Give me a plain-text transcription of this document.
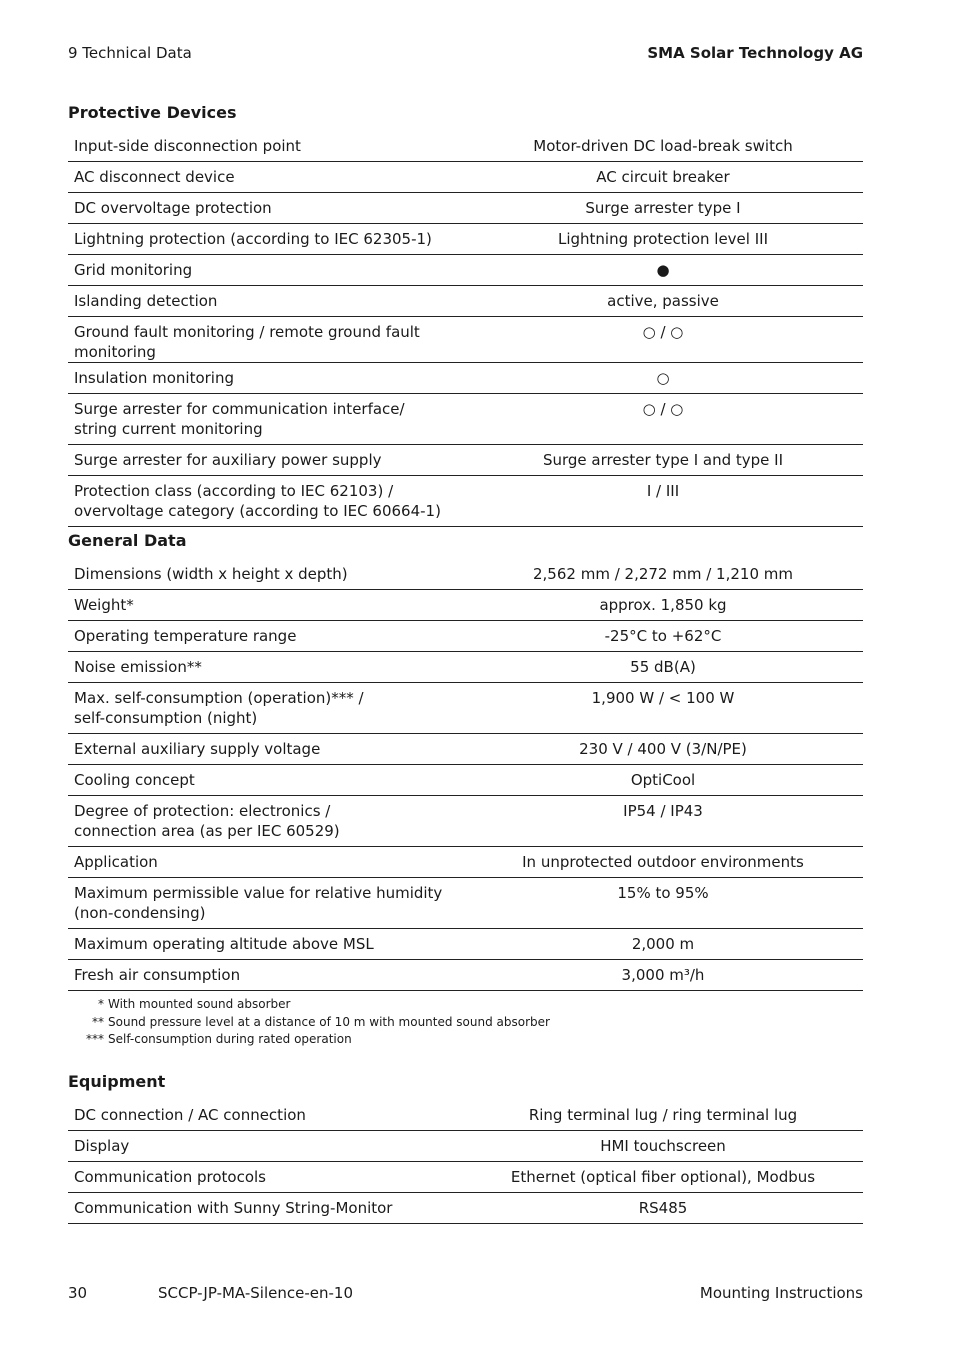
9 Technical Data	SMA Solar Technology AG
Protective Devices
Input-side disconnection point	Motor-driven DC load-break switch
AC disconnect device	AC circuit breaker
DC overvoltage protection	Surge arrester type I
Lightning protection (according to IEC 62305-1)	Lightning protection level III
Grid monitoring	●
Islanding detection	active, passive
Ground fault monitoring / remote ground fault monitoring	○ / ○
Insulation monitoring	○
Surge arrester for communication interface/
string current monitoring	○ / ○
Surge arrester for auxiliary power supply	Surge arrester type I and type II
Protection class (according to IEC 62103) /
overvoltage category (according to IEC 60664-1)	I / III
General Data
Dimensions (width x height x depth)	2,562 mm / 2,272 mm / 1,210 mm
Weight*	approx. 1,850 kg
Operating temperature range	-25°C to +62°C
Noise emission**	55 dB(A)
Max. self-consumption (operation)*** /
self-consumption (night)	1,900 W / < 100 W
External auxiliary supply voltage	230 V / 400 V (3/N/PE)
Cooling concept	OptiCool
Degree of protection: electronics /
connection area (as per IEC 60529)	IP54 / IP43
Application	In unprotected outdoor environments
Maximum permissible value for relative humidity
(non-condensing)	15% to 95%
Maximum operating altitude above MSL	2,000 m
Fresh air consumption	3,000 m³/h
* With mounted sound absorber
** Sound pressure level at a distance of 10 m with mounted sound absorber
*** Self-consumption during rated operation
Equipment
DC connection / AC connection	Ring terminal lug / ring terminal lug
Display	HMI touchscreen
Communication protocols	Ethernet (optical fiber optional), Modbus
Communication with Sunny String-Monitor	RS485
30	SCCP-JP-MA-Silence-en-10	Mounting Instructions
